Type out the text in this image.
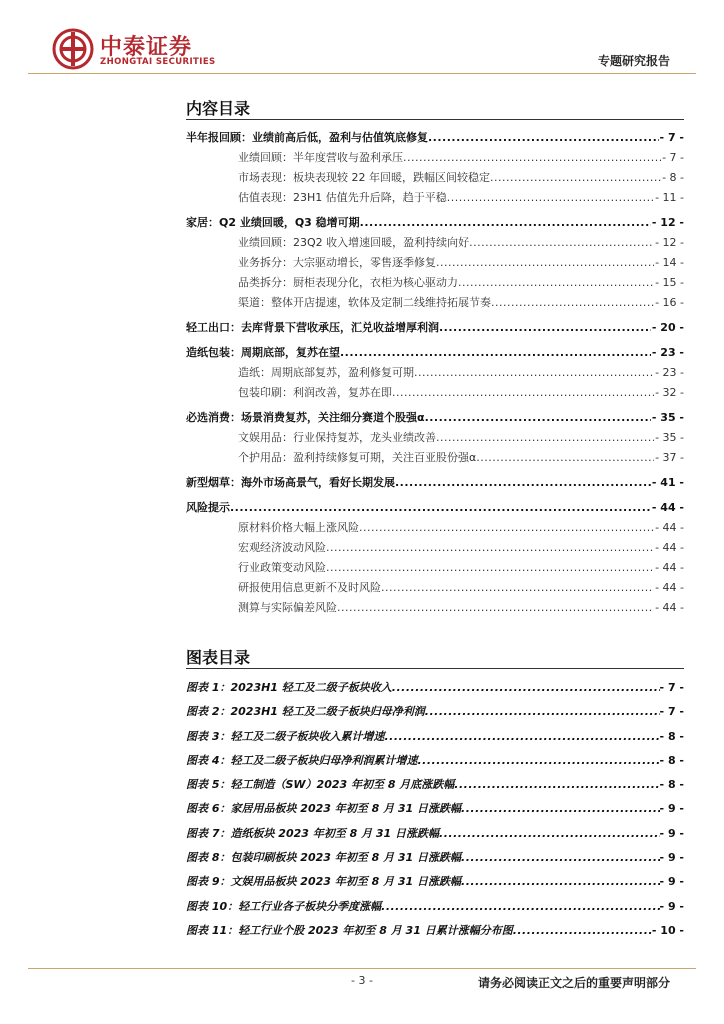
中泰证券
ZHONGTAI SECURITIES	专题研究报告
内容目录
半年报回顾：业绩前高后低，盈利与估值筑底修复 .....	- 7 -
业绩回顾：半年度营收与盈利承压 .....	- 7 -
市场表现：板块表现较 22 年回暖，跌幅区间较稳定 .....	- 8 -
估值表现：23H1 估值先升后降，趋于平稳 .....	- 11 -
家居：Q2 业绩回暖，Q3 稳增可期 .....	- 12 -
业绩回顾：23Q2 收入增速回暖，盈利持续向好 .....	- 12 -
业务拆分：大宗驱动增长，零售逐季修复 .....	- 14 -
品类拆分：厨柜表现分化，衣柜为核心驱动力 .....	- 15 -
渠道：整体开店提速，软体及定制二线维持拓展节奏 .....	- 16 -
轻工出口：去库背景下营收承压，汇兑收益增厚利润 .....	- 20 -
造纸包装：周期底部，复苏在望 .....	- 23 -
造纸：周期底部复苏，盈利修复可期 .....	- 23 -
包装印刷：利润改善，复苏在即 .....	- 32 -
必选消费：场景消费复苏，关注细分赛道个股强α .....	- 35 -
文娱用品：行业保持复苏，龙头业绩改善 .....	- 35 -
个护用品：盈利持续修复可期，关注百亚股份强α .....	- 37 -
新型烟草：海外市场高景气，看好长期发展 .....	- 41 -
风险提示 .....	- 44 -
原材料价格大幅上涨风险 .....	- 44 -
宏观经济波动风险 .....	- 44 -
行业政策变动风险 .....	- 44 -
研报使用信息更新不及时风险 .....	- 44 -
测算与实际偏差风险 .....	- 44 -
图表目录
图表 1：2023H1 轻工及二级子板块收入 .....	- 7 -
图表 2：2023H1 轻工及二级子板块归母净利润 .....	- 7 -
图表 3：轻工及二级子板块收入累计增速 .....	- 8 -
图表 4：轻工及二级子板块归母净利润累计增速 .....	- 8 -
图表 5：轻工制造（SW）2023 年初至 8 月底涨跌幅 .....	- 8 -
图表 6：家居用品板块 2023 年初至 8 月 31 日涨跌幅 .....	- 9 -
图表 7：造纸板块 2023 年初至 8 月 31 日涨跌幅 .....	- 9 -
图表 8：包装印刷板块 2023 年初至 8 月 31 日涨跌幅 .....	- 9 -
图表 9：文娱用品板块 2023 年初至 8 月 31 日涨跌幅 .....	- 9 -
图表 10：轻工行业各子板块分季度涨幅 .....	- 9 -
图表 11：轻工行业个股 2023 年初至 8 月 31 日累计涨幅分布图 .....	- 10 -
- 3 -	请务必阅读正文之后的重要声明部分
